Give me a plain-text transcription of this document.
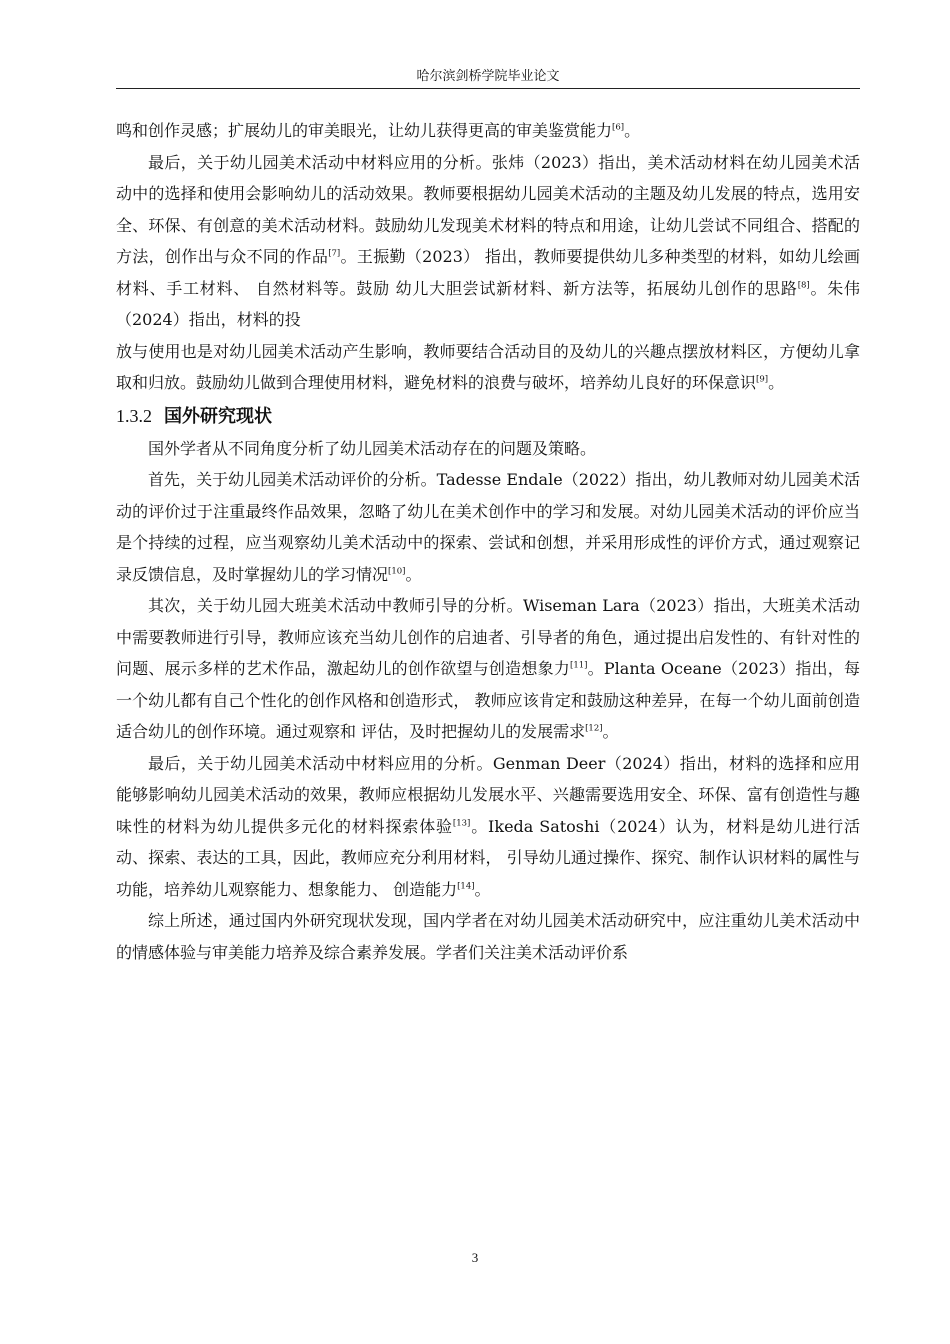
哈尔滨剑桥学院毕业论文

鸣和创作灵感；扩展幼儿的审美眼光，让幼儿获得更高的审美鉴赏能力[6]。

最后，关于幼儿园美术活动中材料应用的分析。张炜（2023）指出，美术活动材料在幼儿园美术活动中的选择和使用会影响幼儿的活动效果。教师要根据幼儿园美术活动的主题及幼儿发展的特点，选用安全、环保、有创意的美术活动材料。鼓励幼儿发现美术材料的特点和用途，让幼儿尝试不同组合、搭配的方法，创作出与众不同的作品[7]。王振勤（2023） 指出，教师要提供幼儿多种类型的材料，如幼儿绘画材料、手工材料、 自然材料等。鼓励 幼儿大胆尝试新材料、新方法等，拓展幼儿创作的思路[8]。朱伟（2024）指出，材料的投

放与使用也是对幼儿园美术活动产生影响，教师要结合活动目的及幼儿的兴趣点摆放材料区，方便幼儿拿取和归放。鼓励幼儿做到合理使用材料，避免材料的浪费与破坏，培养幼儿良好的环保意识[9]。

1.3.2 国外研究现状

国外学者从不同角度分析了幼儿园美术活动存在的问题及策略。

首先，关于幼儿园美术活动评价的分析。Tadesse Endale（2022）指出，幼儿教师对幼儿园美术活动的评价过于注重最终作品效果，忽略了幼儿在美术创作中的学习和发展。对幼儿园美术活动的评价应当是个持续的过程，应当观察幼儿美术活动中的探索、尝试和创想，并采用形成性的评价方式，通过观察记录反馈信息，及时掌握幼儿的学习情况[10]。

其次，关于幼儿园大班美术活动中教师引导的分析。Wiseman Lara（2023）指出，大班美术活动中需要教师进行引导，教师应该充当幼儿创作的启迪者、引导者的角色，通过提出启发性的、有针对性的问题、展示多样的艺术作品，激起幼儿的创作欲望与创造想象力[11]。Planta Oceane（2023）指出，每一个幼儿都有自己个性化的创作风格和创造形式， 教师应该肯定和鼓励这种差异，在每一个幼儿面前创造适合幼儿的创作环境。通过观察和 评估，及时把握幼儿的发展需求[12]。

最后，关于幼儿园美术活动中材料应用的分析。Genman Deer（2024）指出，材料的选择和应用能够影响幼儿园美术活动的效果，教师应根据幼儿发展水平、兴趣需要选用安全、环保、富有创造性与趣味性的材料为幼儿提供多元化的材料探索体验[13]。Ikeda Satoshi（2024）认为，材料是幼儿进行活动、探索、表达的工具，因此，教师应充分利用材料， 引导幼儿通过操作、探究、制作认识材料的属性与功能，培养幼儿观察能力、想象能力、 创造能力[14]。

综上所述，通过国内外研究现状发现，国内学者在对幼儿园美术活动研究中，应注重幼儿美术活动中的情感体验与审美能力培养及综合素养发展。学者们关注美术活动评价系

3
